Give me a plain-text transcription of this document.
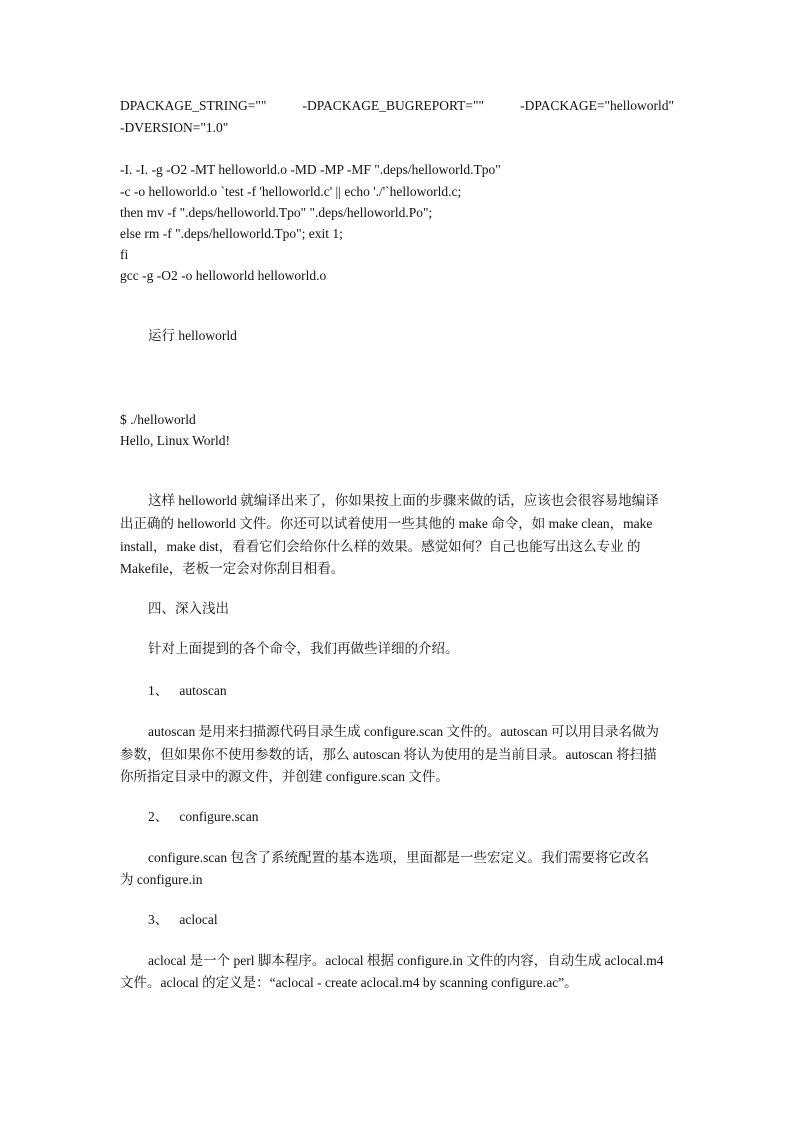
DPACKAGE_STRING=""	-DPACKAGE_BUGREPORT=""	-DPACKAGE="helloworld"
-DVERSION="1.0"
-I. -I. -g -O2 -MT helloworld.o -MD -MP -MF ".deps/helloworld.Tpo"
-c -o helloworld.o `test -f 'helloworld.c' || echo './'`helloworld.c;
then mv -f ".deps/helloworld.Tpo" ".deps/helloworld.Po";
else rm -f ".deps/helloworld.Tpo"; exit 1;
fi
gcc -g -O2 -o helloworld helloworld.o
运行 helloworld
$ ./helloworld
Hello, Linux World!
这样 helloworld 就编译出来了，你如果按上面的步骤来做的话，应该也会很容易地编译
出正确的 helloworld 文件。你还可以试着使用一些其他的 make 命令，如 make clean，make
install，make dist，看看它们会给你什么样的效果。感觉如何？自己也能写出这么专业 的
Makefile，老板一定会对你刮目相看。
四、深入浅出
针对上面提到的各个命令，我们再做些详细的介绍。
1、 autoscan
autoscan 是用来扫描源代码目录生成 configure.scan 文件的。autoscan 可以用目录名做为
参数，但如果你不使用参数的话，那么 autoscan 将认为使用的是当前目录。autoscan 将扫描
你所指定目录中的源文件，并创建 configure.scan 文件。
2、 configure.scan
configure.scan 包含了系统配置的基本选项，里面都是一些宏定义。我们需要将它改名
为 configure.in
3、 aclocal
aclocal 是一个 perl 脚本程序。aclocal 根据 configure.in 文件的内容，自动生成 aclocal.m4
文件。aclocal 的定义是：“aclocal - create aclocal.m4 by scanning configure.ac”。
